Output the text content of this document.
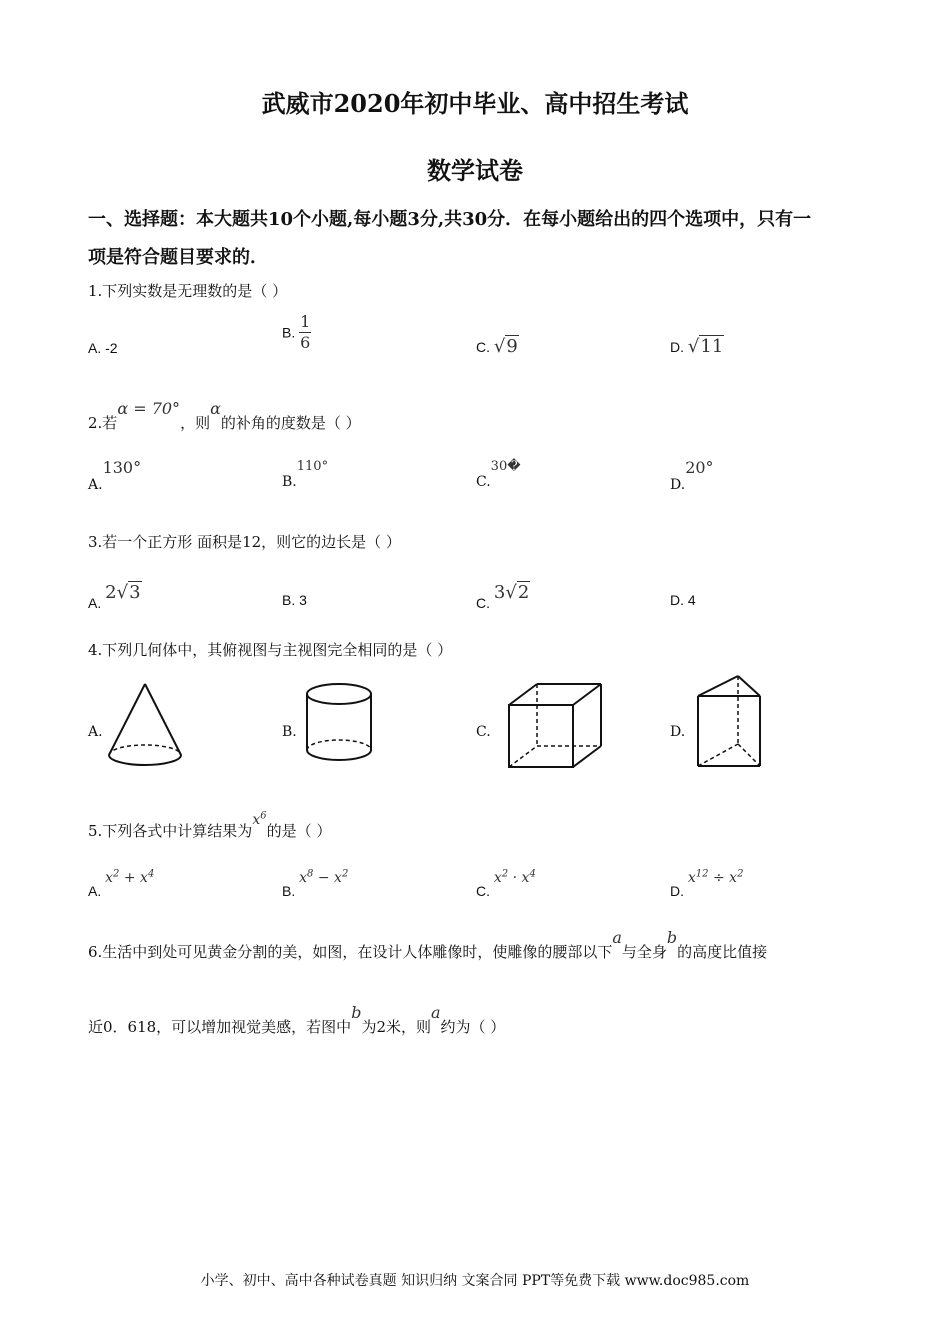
武威市2020年初中毕业、高中招生考试
数学试卷
一、选择题：本大题共10个小题,每小题3分,共30分．在每小题给出的四个选项中，只有一
项是符合题目要求的．
1.下列实数是无理数的是（ ）
A. -2
B. $\frac{1}{6}$	C. √9	D. √11
2.若α = 70°，则α的补角的度数是（ ）
A.130°
B.110°
C.30�
D.20°
3.若一个正方形 面积是12，则它的边长是（ ）
A. 2√3	B. 3	C. 3√2	D. 4
4.下列几何体中，其俯视图与主视图完全相同的是（ ）
A.	B.	C.	D.
5.下列各式中计算结果为$x^6$的是（ ）
A. $x^2 + x^4$
B. $x^8 - x^2$
C. $x^2 \cdot x^4$
D. $x^{12} \div x^2$
6.生活中到处可见黄金分割的美，如图，在设计人体雕像时，使雕像的腰部以下a与全身b的高度比值接
近0．618，可以增加视觉美感，若图中b为2米，则a约为（ ）
小学、初中、高中各种试卷真题 知识归纳 文案合同 PPT等免费下载 www.doc985.com
